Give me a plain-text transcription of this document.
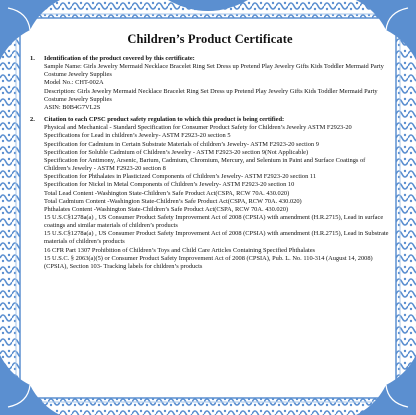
Children’s Product Certificate
1.	Identification of the product covered by this certificate:
Sample Name: Girls Jewelry Mermaid Necklace Bracelet Ring Set Dress up Pretend Play Jewelry Gifts Kids Toddler Mermaid Party Costume Jewelry Supplies
Model No.: CHT-002A
Description: Girls Jewelry Mermaid Necklace Bracelet Ring Set Dress up Pretend Play Jewelry Gifts Kids Toddler Mermaid Party Costume Jewelry Supplies
ASIN: B0B4G7VL2S
2.	Citation to each CPSC product safety regulation to which this product is being certified:
Physical and Mechanical - Standard Specification for Consumer Product Safety for Children’s Jewelry ASTM F2923-20
Specifications for Lead in children’s Jewelry- ASTM F2923-20 section 5
Specification for Cadmium in Certain Substrate Materials of children’s Jewelry- ASTM F2923-20 section 9
Specification for Soluble Cadmium of Children’s Jewelry - ASTM F2923-20 section 9(Not Applicable)
Specification for Antimony, Arsenic, Barium, Cadmium, Chromium, Mercury, and Selenium in Paint and Surface Coatings of Children’s Jewelry - ASTM F2923-20 section 8
Specification for Phthalates in Plasticized Components of Children’s Jewelry- ASTM F2923-20 section 11
Specification for Nickel in Metal Components of Children’s Jewelry- ASTM F2923-20 section 10
Total Lead Content -Washington State-Children’s Safe Product Act(CSPA, RCW 70A. 430.020)
Total Cadmium Content -Washington State-Children’s Safe Product Act(CSPA, RCW 70A. 430.020)
Phthalates Content -Washington State-Children’s Safe Product Act(CSPA, RCW 70A. 430.020)
15 U.S.C§1278a(a) , US Consumer Product Safety Improvement Act of 2008 (CPSIA) with amendment (H.R.2715), Lead in surface coatings and similar materials of children’s products
15 U.S.C§1278a(a) , US Consumer Product Safety Improvement Act of 2008 (CPSIA) with amendment (H.R.2715), Lead in Substrate materials of children’s products
16 CFR Part 1307 Prohibition of Children’s Toys and Child Care Articles Containing Specified Phthalates
15 U.S.C. § 2063(a)(5) or Consumer Product Safety Improvement Act of 2008 (CPSIA), Pub. L. No. 110-314 (August 14, 2008) (CPSIA), Section 103- Tracking labels for children’s products
